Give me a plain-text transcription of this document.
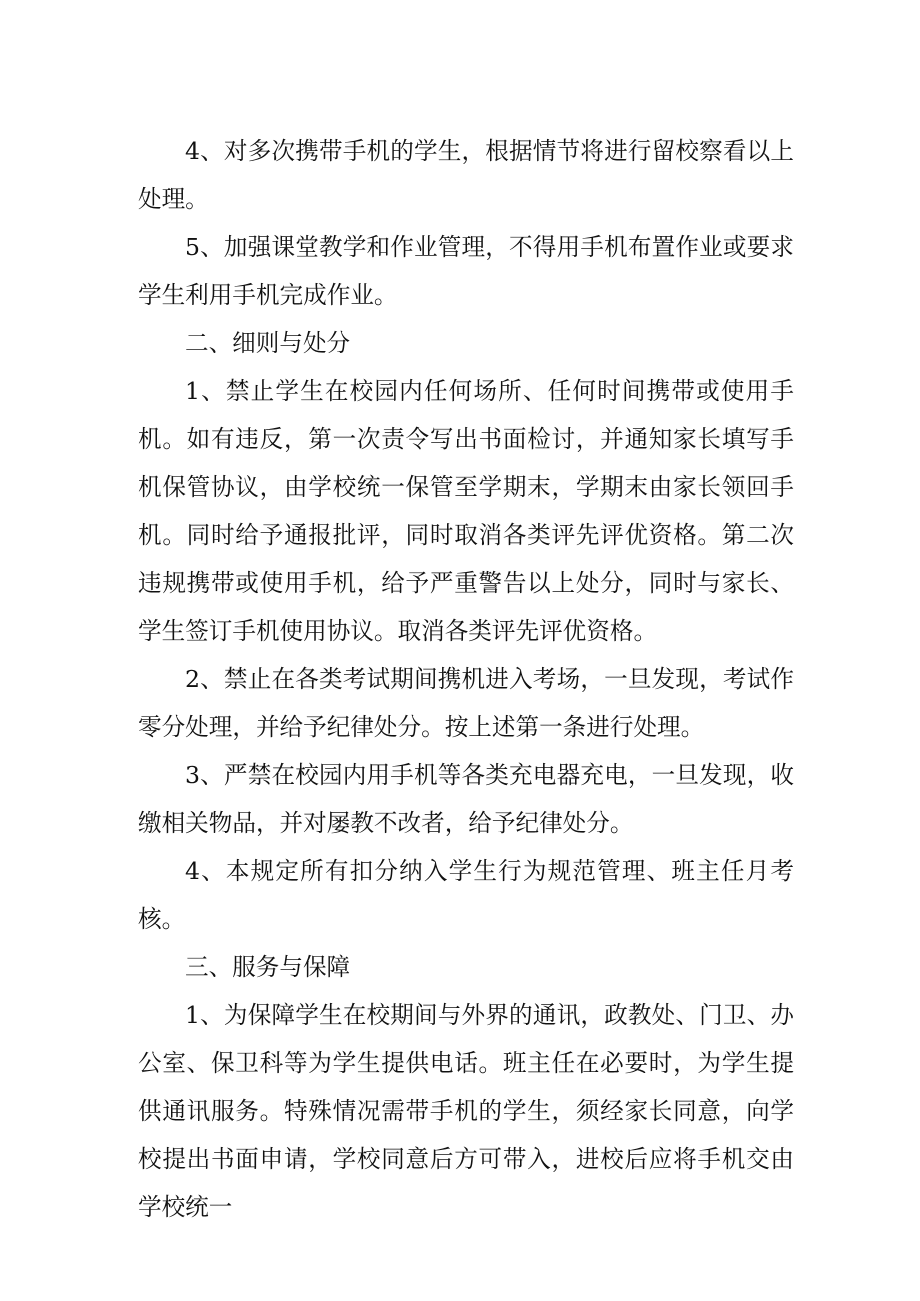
4、对多次携带手机的学生，根据情节将进行留校察看以上处理。

5、加强课堂教学和作业管理，不得用手机布置作业或要求学生利用手机完成作业。

二、细则与处分

1、禁止学生在校园内任何场所、任何时间携带或使用手机。如有违反，第一次责令写出书面检讨，并通知家长填写手机保管协议，由学校统一保管至学期末，学期末由家长领回手机。同时给予通报批评，同时取消各类评先评优资格。第二次违规携带或使用手机，给予严重警告以上处分，同时与家长、学生签订手机使用协议。取消各类评先评优资格。

2、禁止在各类考试期间携机进入考场，一旦发现，考试作零分处理，并给予纪律处分。按上述第一条进行处理。

3、严禁在校园内用手机等各类充电器充电，一旦发现，收缴相关物品，并对屡教不改者，给予纪律处分。

4、本规定所有扣分纳入学生行为规范管理、班主任月考核。

三、服务与保障

1、为保障学生在校期间与外界的通讯，政教处、门卫、办公室、保卫科等为学生提供电话。班主任在必要时，为学生提供通讯服务。特殊情况需带手机的学生，须经家长同意，向学校提出书面申请，学校同意后方可带入，进校后应将手机交由学校统一
